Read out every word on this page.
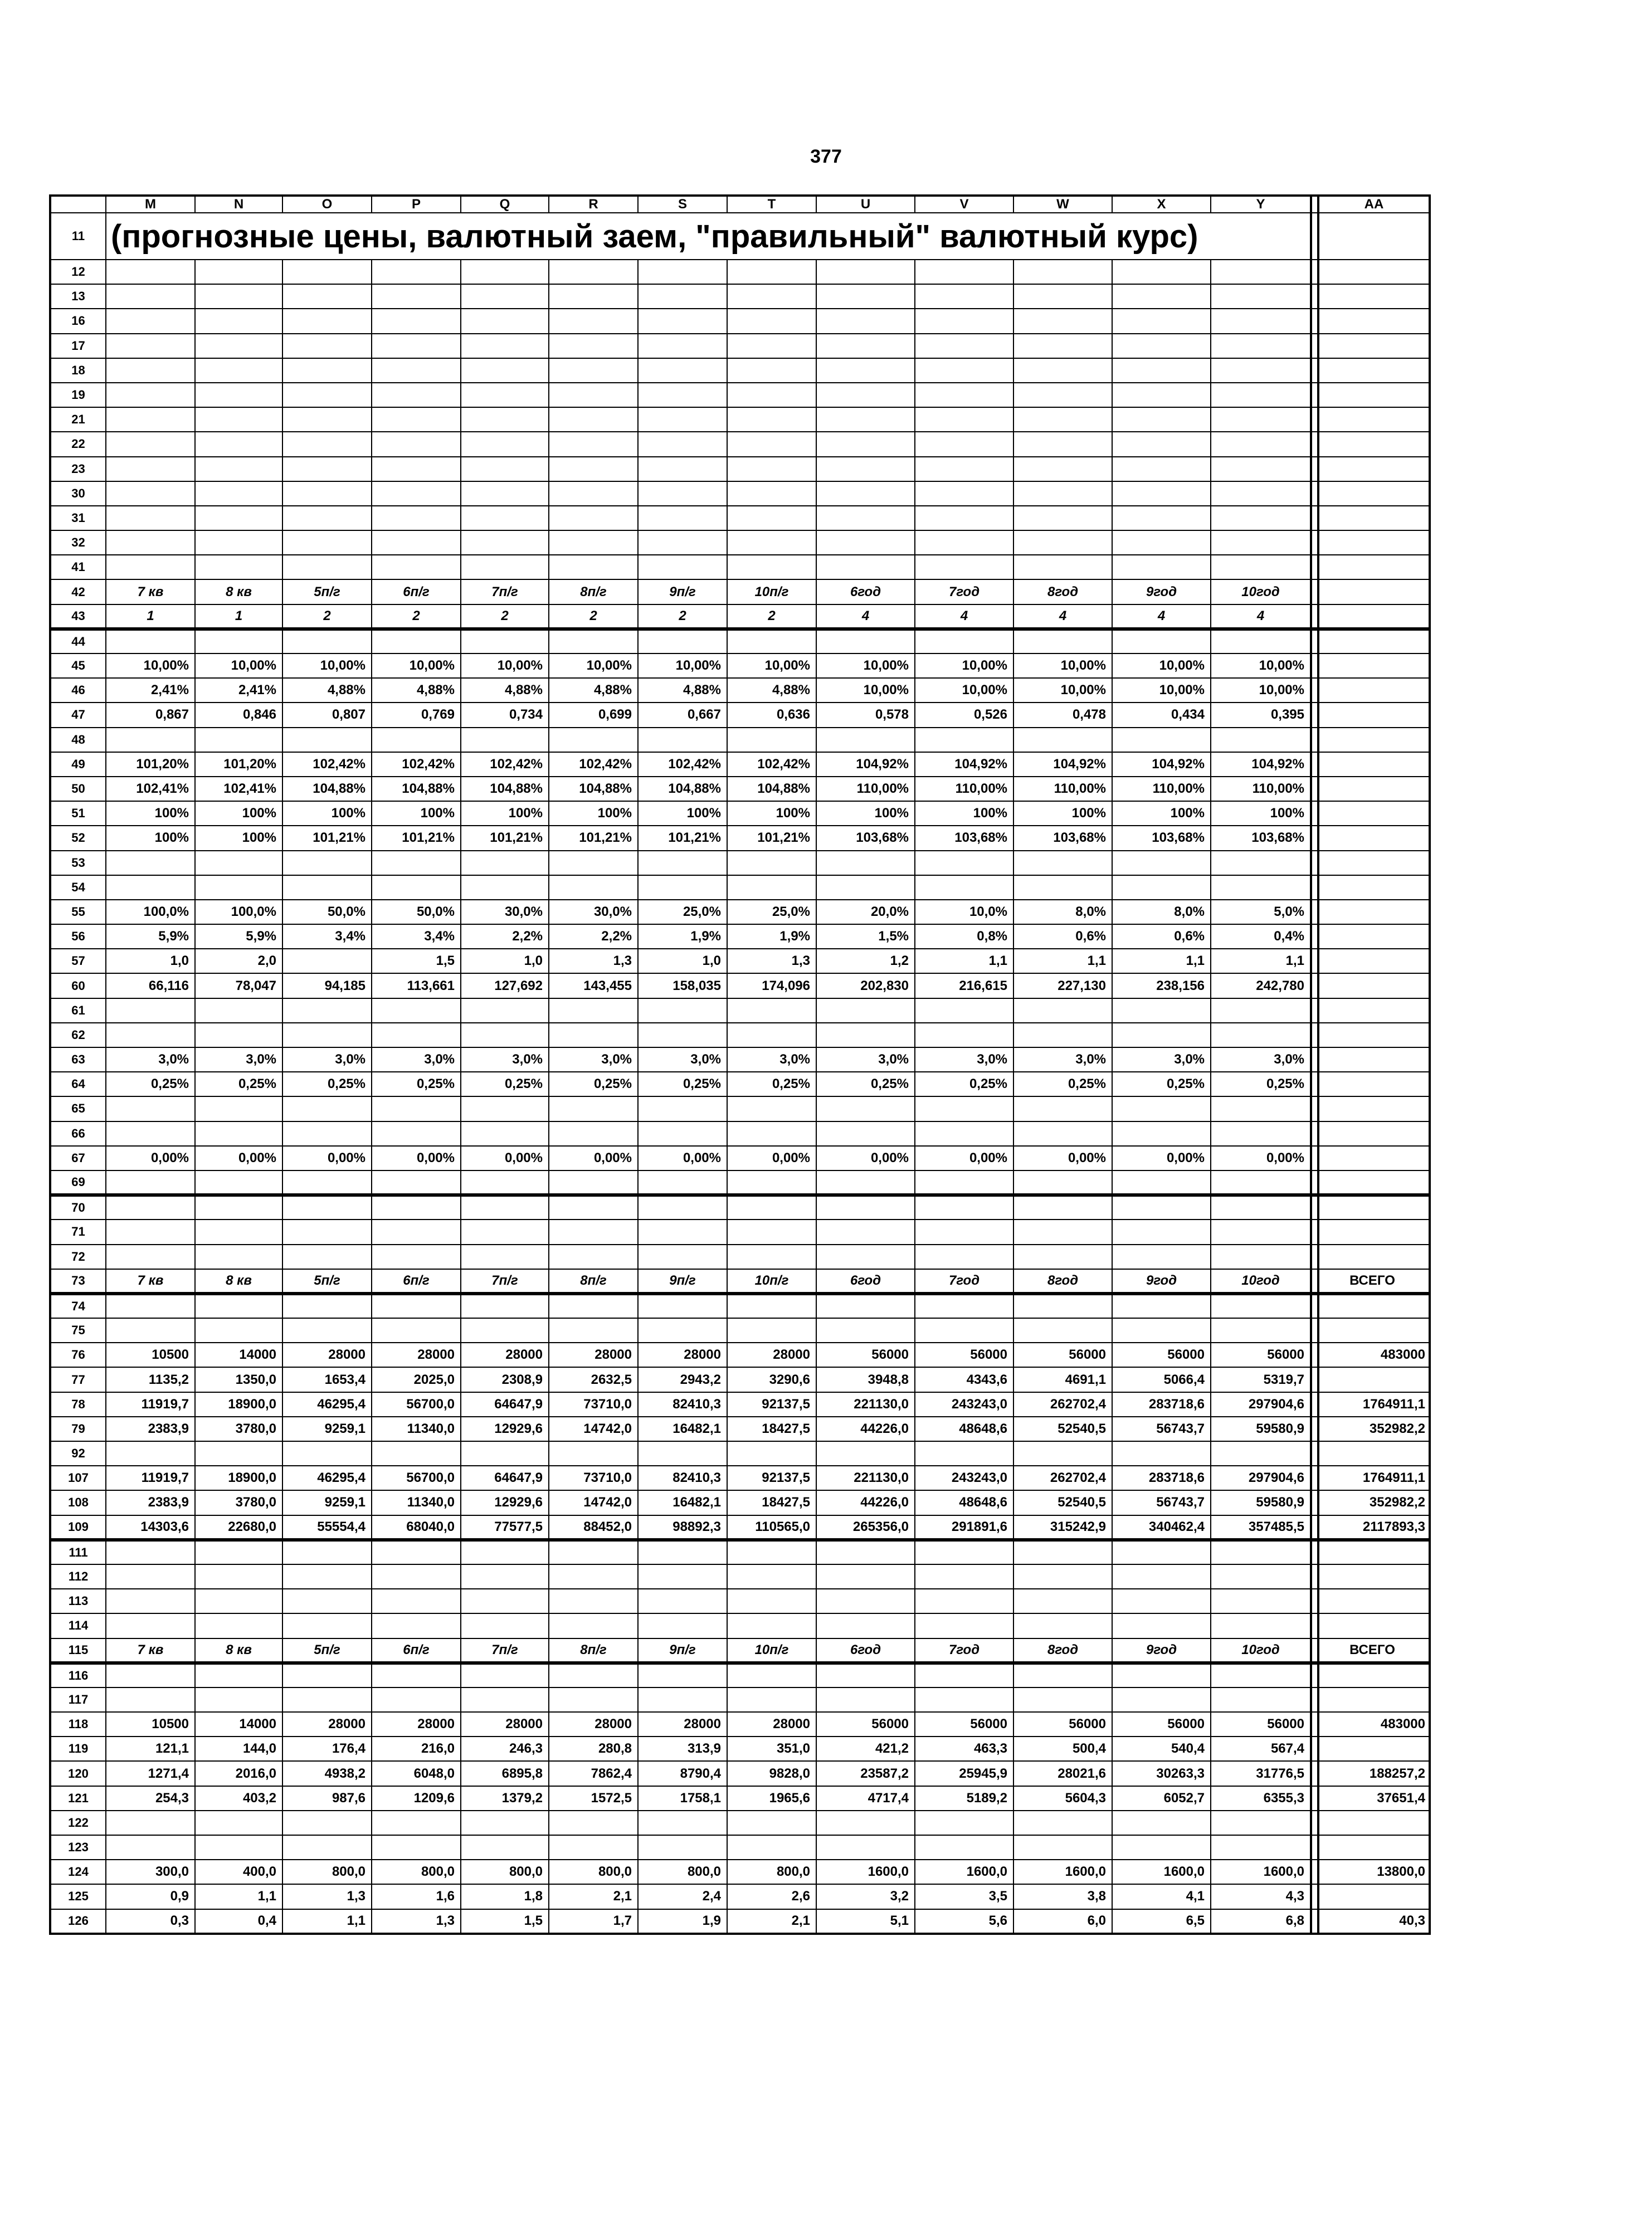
377
	M	N	O	P	Q	R	S	T	U	V	W	X	Y		AA
11	(прогнозные цены, валютный заем, "правильный" валютный курс)														
12															
13															
16															
17															
18															
19															
21															
22															
23															
30															
31															
32															
41															
42	7 кв	8 кв	5п/г	6п/г	7п/г	8п/г	9п/г	10п/г	6год	7год	8год	9год	10год		
43	1	1	2	2	2	2	2	2	4	4	4	4	4		
44															
45	10,00%	10,00%	10,00%	10,00%	10,00%	10,00%	10,00%	10,00%	10,00%	10,00%	10,00%	10,00%	10,00%		
46	2,41%	2,41%	4,88%	4,88%	4,88%	4,88%	4,88%	4,88%	10,00%	10,00%	10,00%	10,00%	10,00%		
47	0,867	0,846	0,807	0,769	0,734	0,699	0,667	0,636	0,578	0,526	0,478	0,434	0,395		
48															
49	101,20%	101,20%	102,42%	102,42%	102,42%	102,42%	102,42%	102,42%	104,92%	104,92%	104,92%	104,92%	104,92%		
50	102,41%	102,41%	104,88%	104,88%	104,88%	104,88%	104,88%	104,88%	110,00%	110,00%	110,00%	110,00%	110,00%		
51	100%	100%	100%	100%	100%	100%	100%	100%	100%	100%	100%	100%	100%		
52	100%	100%	101,21%	101,21%	101,21%	101,21%	101,21%	101,21%	103,68%	103,68%	103,68%	103,68%	103,68%		
53															
54															
55	100,0%	100,0%	50,0%	50,0%	30,0%	30,0%	25,0%	25,0%	20,0%	10,0%	8,0%	8,0%	5,0%		
56	5,9%	5,9%	3,4%	3,4%	2,2%	2,2%	1,9%	1,9%	1,5%	0,8%	0,6%	0,6%	0,4%		
57	1,0	2,0		1,5	1,0	1,3	1,0	1,3	1,2	1,1	1,1	1,1	1,1		
60	66,116	78,047	94,185	113,661	127,692	143,455	158,035	174,096	202,830	216,615	227,130	238,156	242,780		
61															
62															
63	3,0%	3,0%	3,0%	3,0%	3,0%	3,0%	3,0%	3,0%	3,0%	3,0%	3,0%	3,0%	3,0%		
64	0,25%	0,25%	0,25%	0,25%	0,25%	0,25%	0,25%	0,25%	0,25%	0,25%	0,25%	0,25%	0,25%		
65															
66															
67	0,00%	0,00%	0,00%	0,00%	0,00%	0,00%	0,00%	0,00%	0,00%	0,00%	0,00%	0,00%	0,00%		
69															
70															
71															
72															
73	7 кв	8 кв	5п/г	6п/г	7п/г	8п/г	9п/г	10п/г	6год	7год	8год	9год	10год		ВСЕГО
74															
75															
76	10500	14000	28000	28000	28000	28000	28000	28000	56000	56000	56000	56000	56000		483000
77	1135,2	1350,0	1653,4	2025,0	2308,9	2632,5	2943,2	3290,6	3948,8	4343,6	4691,1	5066,4	5319,7		
78	11919,7	18900,0	46295,4	56700,0	64647,9	73710,0	82410,3	92137,5	221130,0	243243,0	262702,4	283718,6	297904,6		1764911,1
79	2383,9	3780,0	9259,1	11340,0	12929,6	14742,0	16482,1	18427,5	44226,0	48648,6	52540,5	56743,7	59580,9		352982,2
92															
107	11919,7	18900,0	46295,4	56700,0	64647,9	73710,0	82410,3	92137,5	221130,0	243243,0	262702,4	283718,6	297904,6		1764911,1
108	2383,9	3780,0	9259,1	11340,0	12929,6	14742,0	16482,1	18427,5	44226,0	48648,6	52540,5	56743,7	59580,9		352982,2
109	14303,6	22680,0	55554,4	68040,0	77577,5	88452,0	98892,3	110565,0	265356,0	291891,6	315242,9	340462,4	357485,5		2117893,3
111															
112															
113															
114															
115	7 кв	8 кв	5п/г	6п/г	7п/г	8п/г	9п/г	10п/г	6год	7год	8год	9год	10год		ВСЕГО
116															
117															
118	10500	14000	28000	28000	28000	28000	28000	28000	56000	56000	56000	56000	56000		483000
119	121,1	144,0	176,4	216,0	246,3	280,8	313,9	351,0	421,2	463,3	500,4	540,4	567,4		
120	1271,4	2016,0	4938,2	6048,0	6895,8	7862,4	8790,4	9828,0	23587,2	25945,9	28021,6	30263,3	31776,5		188257,2
121	254,3	403,2	987,6	1209,6	1379,2	1572,5	1758,1	1965,6	4717,4	5189,2	5604,3	6052,7	6355,3		37651,4
122															
123															
124	300,0	400,0	800,0	800,0	800,0	800,0	800,0	800,0	1600,0	1600,0	1600,0	1600,0	1600,0		13800,0
125	0,9	1,1	1,3	1,6	1,8	2,1	2,4	2,6	3,2	3,5	3,8	4,1	4,3		
126	0,3	0,4	1,1	1,3	1,5	1,7	1,9	2,1	5,1	5,6	6,0	6,5	6,8		40,3
